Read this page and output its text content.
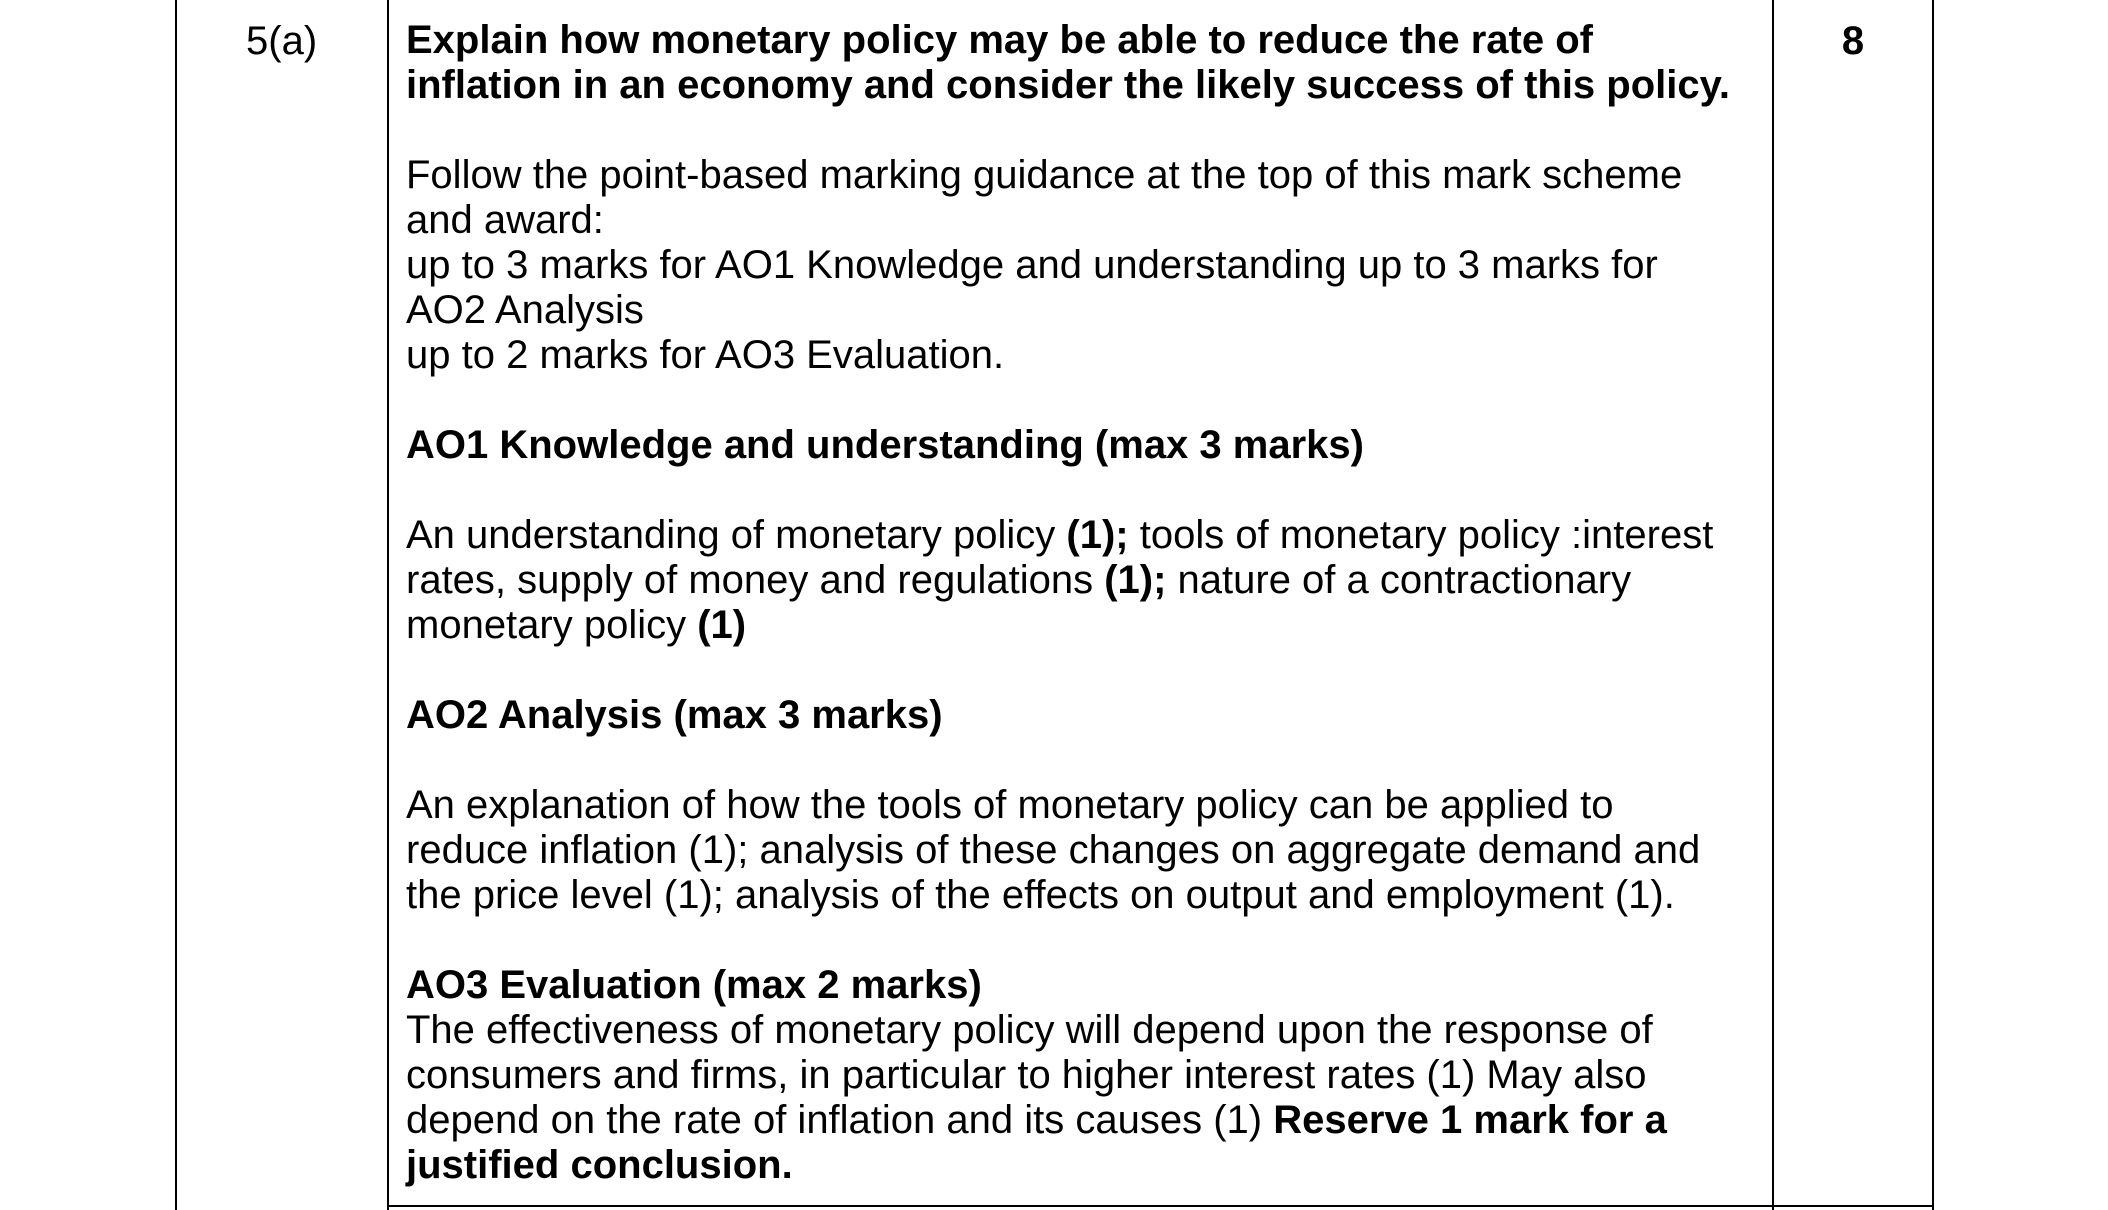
5(a)	8

Explain how monetary policy may be able to reduce the rate of inflation in an economy and consider the likely success of this policy.

Follow the point-based marking guidance at the top of this mark scheme and award:

up to 3 marks for AO1 Knowledge and understanding up to 3 marks for AO2 Analysis

up to 2 marks for AO3 Evaluation.

AO1 Knowledge and understanding (max 3 marks)

An understanding of monetary policy (1); tools of monetary policy :interest rates, supply of money and regulations (1); nature of a contractionary monetary policy (1)

AO2 Analysis (max 3 marks)

An explanation of how the tools of monetary policy can be applied to reduce inflation (1); analysis of these changes on aggregate demand and the price level (1); analysis of the effects on output and employment (1).

AO3 Evaluation (max 2 marks)

The effectiveness of monetary policy will depend upon the response of consumers and firms, in particular to higher interest rates (1) May also depend on the rate of inflation and its causes (1) Reserve 1 mark for a justified conclusion.
